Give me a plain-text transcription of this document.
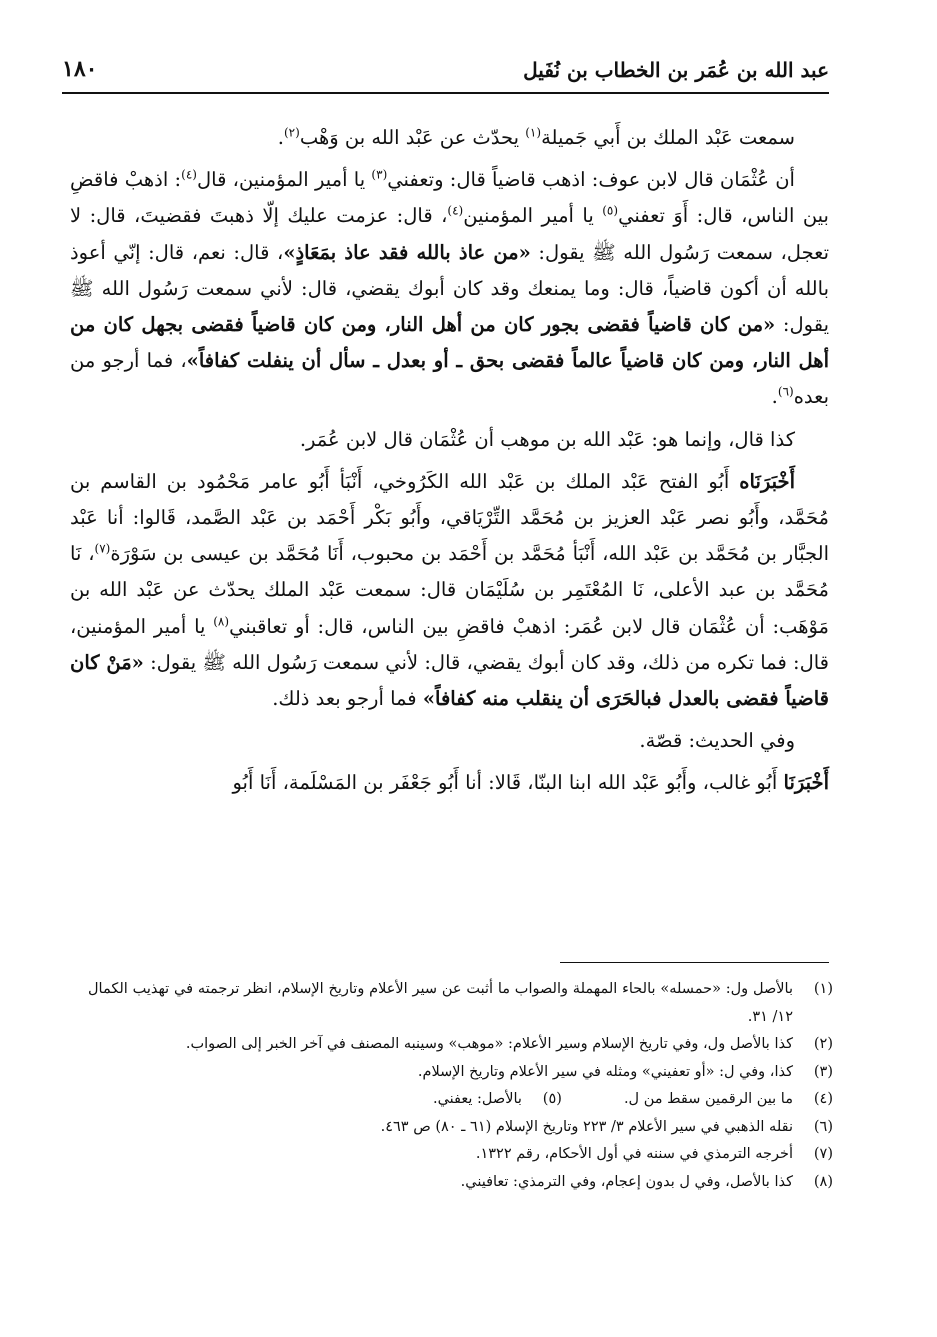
١٨٠	عبد الله بن عُمَر بن الخطاب بن نُفَيل

سمعت عَبْد الملك بن أَبي جَميلة$^{(١)}$ يحدّث عن عَبْد الله بن وَهْب$^{(٢)}$.

أن عُثْمَان قال لابن عوف: اذهب قاضياً قال: وتعفني$^{(٣)}$ يا أمير المؤمنين، قال$^{(٤)}$: اذهبْ فاقضِ بين الناس، قال: أَوَ تعفني$^{(٥)}$ يا أمير المؤمنين$^{(٤)}$، قال: عزمت عليك إلّا ذهبتَ فقضيتَ، قال: لا تعجل، سمعت رَسُول الله ﷺ يقول: «من عاذ بالله فقد عاذ بمَعَاذٍ»، قال: نعم، قال: إنّي أعوذ بالله أن أكون قاضياً، قال: وما يمنعك وقد كان أبوك يقضي، قال: لأني سمعت رَسُول الله ﷺ يقول: «من كان قاضياً فقضى بجور كان من أهل النار، ومن كان قاضياً فقضى بجهل كان من أهل النار، ومن كان قاضياً عالماً فقضى بحق ـ أو بعدل ـ سأل أن ينفلت كفافاً»، فما أرجو من بعده$^{(٦)}$.

كذا قال، وإنما هو: عَبْد الله بن موهب أن عُثْمَان قال لابن عُمَر.

أَخْبَرَنَاه أَبُو الفتح عَبْد الملك بن عَبْد الله الكَرُوخي، أَنْبَأ أَبُو عامر مَحْمُود بن القاسم بن مُحَمَّد، وأَبُو نصر عَبْد العزيز بن مُحَمَّد التِّرْيَاقي، وأَبُو بَكْر أَحْمَد بن عَبْد الصَّمد، قَالوا: أنا عَبْد الجبَّار بن مُحَمَّد بن عَبْد الله، أَنْبَأ مُحَمَّد بن أَحْمَد بن محبوب، أَنَا مُحَمَّد بن عيسى بن سَوْرَة$^{(٧)}$، نَا مُحَمَّد بن عبد الأعلى، نَا المُعْتَمِر بن سُلَيْمَان قال: سمعت عَبْد الملك يحدّث عن عَبْد الله بن مَوْهَب: أن عُثْمَان قال لابن عُمَر: اذهبْ فاقضِ بين الناس، قال: أو تعاقبني$^{(٨)}$ يا أمير المؤمنين، قال: فما تكره من ذلك، وقد كان أبوك يقضي، قال: لأني سمعت رَسُول الله ﷺ يقول: «مَنْ كان قاضياً فقضى بالعدل فبالحَرَى أن ينقلب منه كفافاً» فما أرجو بعد ذلك.

وفي الحديث: قصّة.

أَخْبَرَنَا أَبُو غالب، وأَبُو عَبْد الله ابنا البنّا، قَالا: أنا أَبُو جَعْفَر بن المَسْلَمة، أَنَا أَبُو

(١)
بالأصل ول: «حمسله» بالحاء المهملة والصواب ما أثبت عن سير الأعلام وتاريخ الإسلام، انظر ترجمته في تهذيب الكمال ١٢/ ٣١.
(٢)
كذا بالأصل ول، وفي تاريخ الإسلام وسير الأعلام: «موهب» وسينبه المصنف في آخر الخبر إلى الصواب.
(٣)
كذا، وفي ل: «أو تعفيني» ومثله في سير الأعلام وتاريخ الإسلام.
(٤)
ما بين الرقمين سقط من ل.
(٥)
بالأصل: يعفني.
(٦)
نقله الذهبي في سير الأعلام ٣/ ٢٢٣ وتاريخ الإسلام (٦١ ـ ٨٠) ص ٤٦٣.
(٧)
أخرجه الترمذي في سننه في أول الأحكام، رقم ١٣٢٢.
(٨)
كذا بالأصل، وفي ل بدون إعجام، وفي الترمذي: تعافيني.
